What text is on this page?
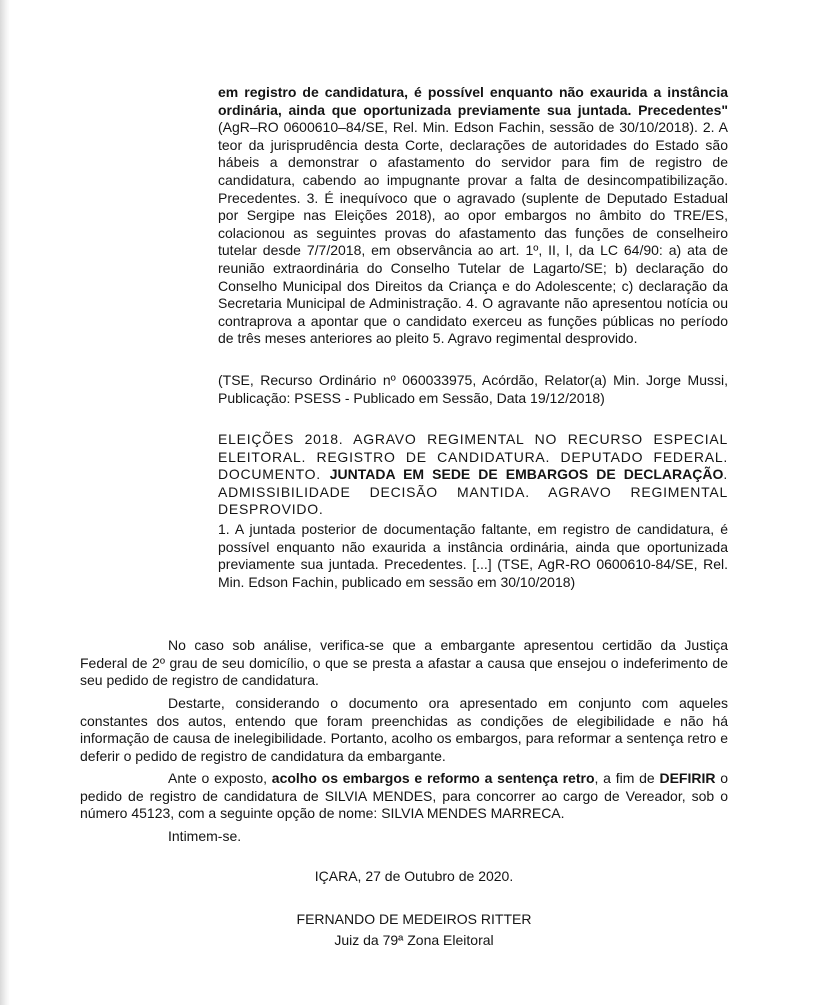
em registro de candidatura, é possível enquanto não exaurida a instância ordinária, ainda que oportunizada previamente sua juntada. Precedentes" (AgR–RO 0600610–84/SE, Rel. Min. Edson Fachin, sessão de 30/10/2018). 2. A teor da jurisprudência desta Corte, declarações de autoridades do Estado são hábeis a demonstrar o afastamento do servidor para fim de registro de candidatura, cabendo ao impugnante provar a falta de desincompatibilização. Precedentes. 3. É inequívoco que o agravado (suplente de Deputado Estadual por Sergipe nas Eleições 2018), ao opor embargos no âmbito do TRE/ES, colacionou as seguintes provas do afastamento das funções de conselheiro tutelar desde 7/7/2018, em observância ao art. 1º, II, l, da LC 64/90: a) ata de reunião extraordinária do Conselho Tutelar de Lagarto/SE; b) declaração do Conselho Municipal dos Direitos da Criança e do Adolescente; c) declaração da Secretaria Municipal de Administração. 4. O agravante não apresentou notícia ou contraprova a apontar que o candidato exerceu as funções públicas no período de três meses anteriores ao pleito 5. Agravo regimental desprovido.

(TSE, Recurso Ordinário nº 060033975, Acórdão, Relator(a) Min. Jorge Mussi, Publicação: PSESS - Publicado em Sessão, Data 19/12/2018)

ELEIÇÕES 2018. AGRAVO REGIMENTAL NO RECURSO ESPECIAL ELEITORAL. REGISTRO DE CANDIDATURA. DEPUTADO FEDERAL. DOCUMENTO. JUNTADA EM SEDE DE EMBARGOS DE DECLARAÇÃO. ADMISSIBILIDADE DECISÃO MANTIDA. AGRAVO REGIMENTAL DESPROVIDO.

1. A juntada posterior de documentação faltante, em registro de candidatura, é possível enquanto não exaurida a instância ordinária, ainda que oportunizada previamente sua juntada. Precedentes. [...] (TSE, AgR-RO 0600610-84/SE, Rel. Min. Edson Fachin, publicado em sessão em 30/10/2018)

No caso sob análise, verifica-se que a embargante apresentou certidão da Justiça Federal de 2º grau de seu domicílio, o que se presta a afastar a causa que ensejou o indeferimento de seu pedido de registro de candidatura.

Destarte, considerando o documento ora apresentado em conjunto com aqueles constantes dos autos, entendo que foram preenchidas as condições de elegibilidade e não há informação de causa de inelegibilidade. Portanto, acolho os embargos, para reformar a sentença retro e deferir o pedido de registro de candidatura da embargante.

Ante o exposto, acolho os embargos e reformo a sentença retro, a fim de DEFIRIR o pedido de registro de candidatura de SILVIA MENDES, para concorrer ao cargo de Vereador, sob o número 45123, com a seguinte opção de nome: SILVIA MENDES MARRECA.

Intimem-se.

IÇARA, 27 de Outubro de 2020.

FERNANDO DE MEDEIROS RITTER

Juiz da 79ª Zona Eleitoral
